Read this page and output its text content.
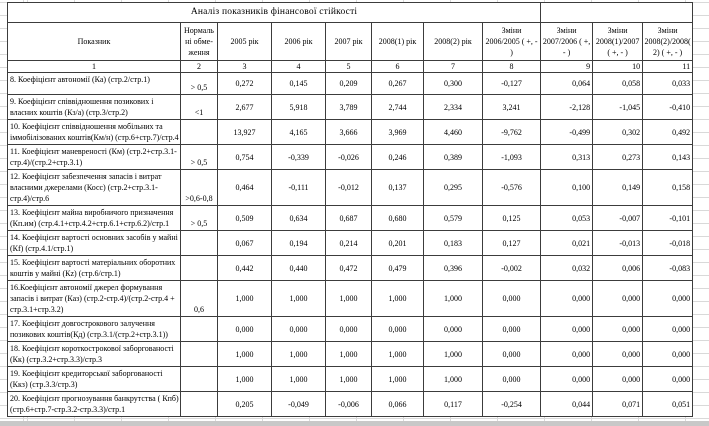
Аналіз показників фінансової стійкості										
Показник	Нормальні обме-ження	2005 рік	2006 рік	2007 рік	2008(1) рік	2008(2) рік	Зміни 2006/2005 ( +, - )	Зміни 2007/2006 ( +, - )	Зміни 2008(1)/2007 ( +, - )	Зміни 2008(2)/2008(2) ( +, - )
1	2	3	4	5	6	7	8	9	10	11
8. Коефіцієнт автономії (Ка) (стр.2/стр.1)	> 0,5	0,272	0,145	0,209	0,267	0,300	-0,127	0,064	0,058	0,033
9. Коефіцієнт співвідношення позикових і власних коштів (Кз/а) (стр.3/стр.2)	<1	2,677	5,918	3,789	2,744	2,334	3,241	-2,128	-1,045	-0,410
10. Коефіцієнт співвідношення мобільних та іммобілізованих коштів(Км/н) (стр.6+стр.7)/стр.4		13,927	4,165	3,666	3,969	4,460	-9,762	-0,499	0,302	0,492
11. Коефіцієнт маневреності (Км) (стр.2+стр.3.1-стр.4)/(стр.2+стр.3.1)	> 0,5	0,754	-0,339	-0,026	0,246	0,389	-1,093	0,313	0,273	0,143
12. Коефіцієнт забезпечення запасів і витрат власними джерелами (Косс) (стр.2+стр.3.1-стр.4)/стр.6	>0,6-0,8	0,464	-0,111	-0,012	0,137	0,295	-0,576	0,100	0,149	0,158
13. Коефіцієнт майна виробничого призначення (Кп.им) (стр.4.1+стр.4.2+стр.6.1+стр.6.2)/стр.1	> 0,5	0,509	0,634	0,687	0,680	0,579	0,125	0,053	-0,007	-0,101
14. Коефіцієнт вартості основних засобів у майні (Кf) (стр.4.1/стр.1)		0,067	0,194	0,214	0,201	0,183	0,127	0,021	-0,013	-0,018
15. Коефіцієнт вартості матеріальних оборотних коштів у майні (Кz) (стр.6/стр.1)		0,442	0,440	0,472	0,479	0,396	-0,002	0,032	0,006	-0,083
16.Коефіцієнт автономії джерел формування запасів і витрат (Каз) (стр.2-стр.4)/(стр.2-стр.4 + стр.3.1+стр.3.2)	0,6	1,000	1,000	1,000	1,000	1,000	0,000	0,000	0,000	0,000
17. Коефіцієнт довгострокового залучення позикових коштів(Кд) (стр.3.1/(стр.2+стр.3.1))		0,000	0,000	0,000	0,000	0,000	0,000	0,000	0,000	0,000
18. Коефіцієнт короткострокової заборгованості (Кк) (стр.3.2+стр.3.3)/стр.3		1,000	1,000	1,000	1,000	1,000	0,000	0,000	0,000	0,000
19. Коефіцієнт кредиторської заборгованості (Ккз) (стр.3.3/стр.3)		1,000	1,000	1,000	1,000	1,000	0,000	0,000	0,000	0,000
20. Коефіцієнт прогнозування банкрутства ( Кпб) (стр.6+стр.7-стр.3.2-стр.3.3)/стр.1		0,205	-0,049	-0,006	0,066	0,117	-0,254	0,044	0,071	0,051
